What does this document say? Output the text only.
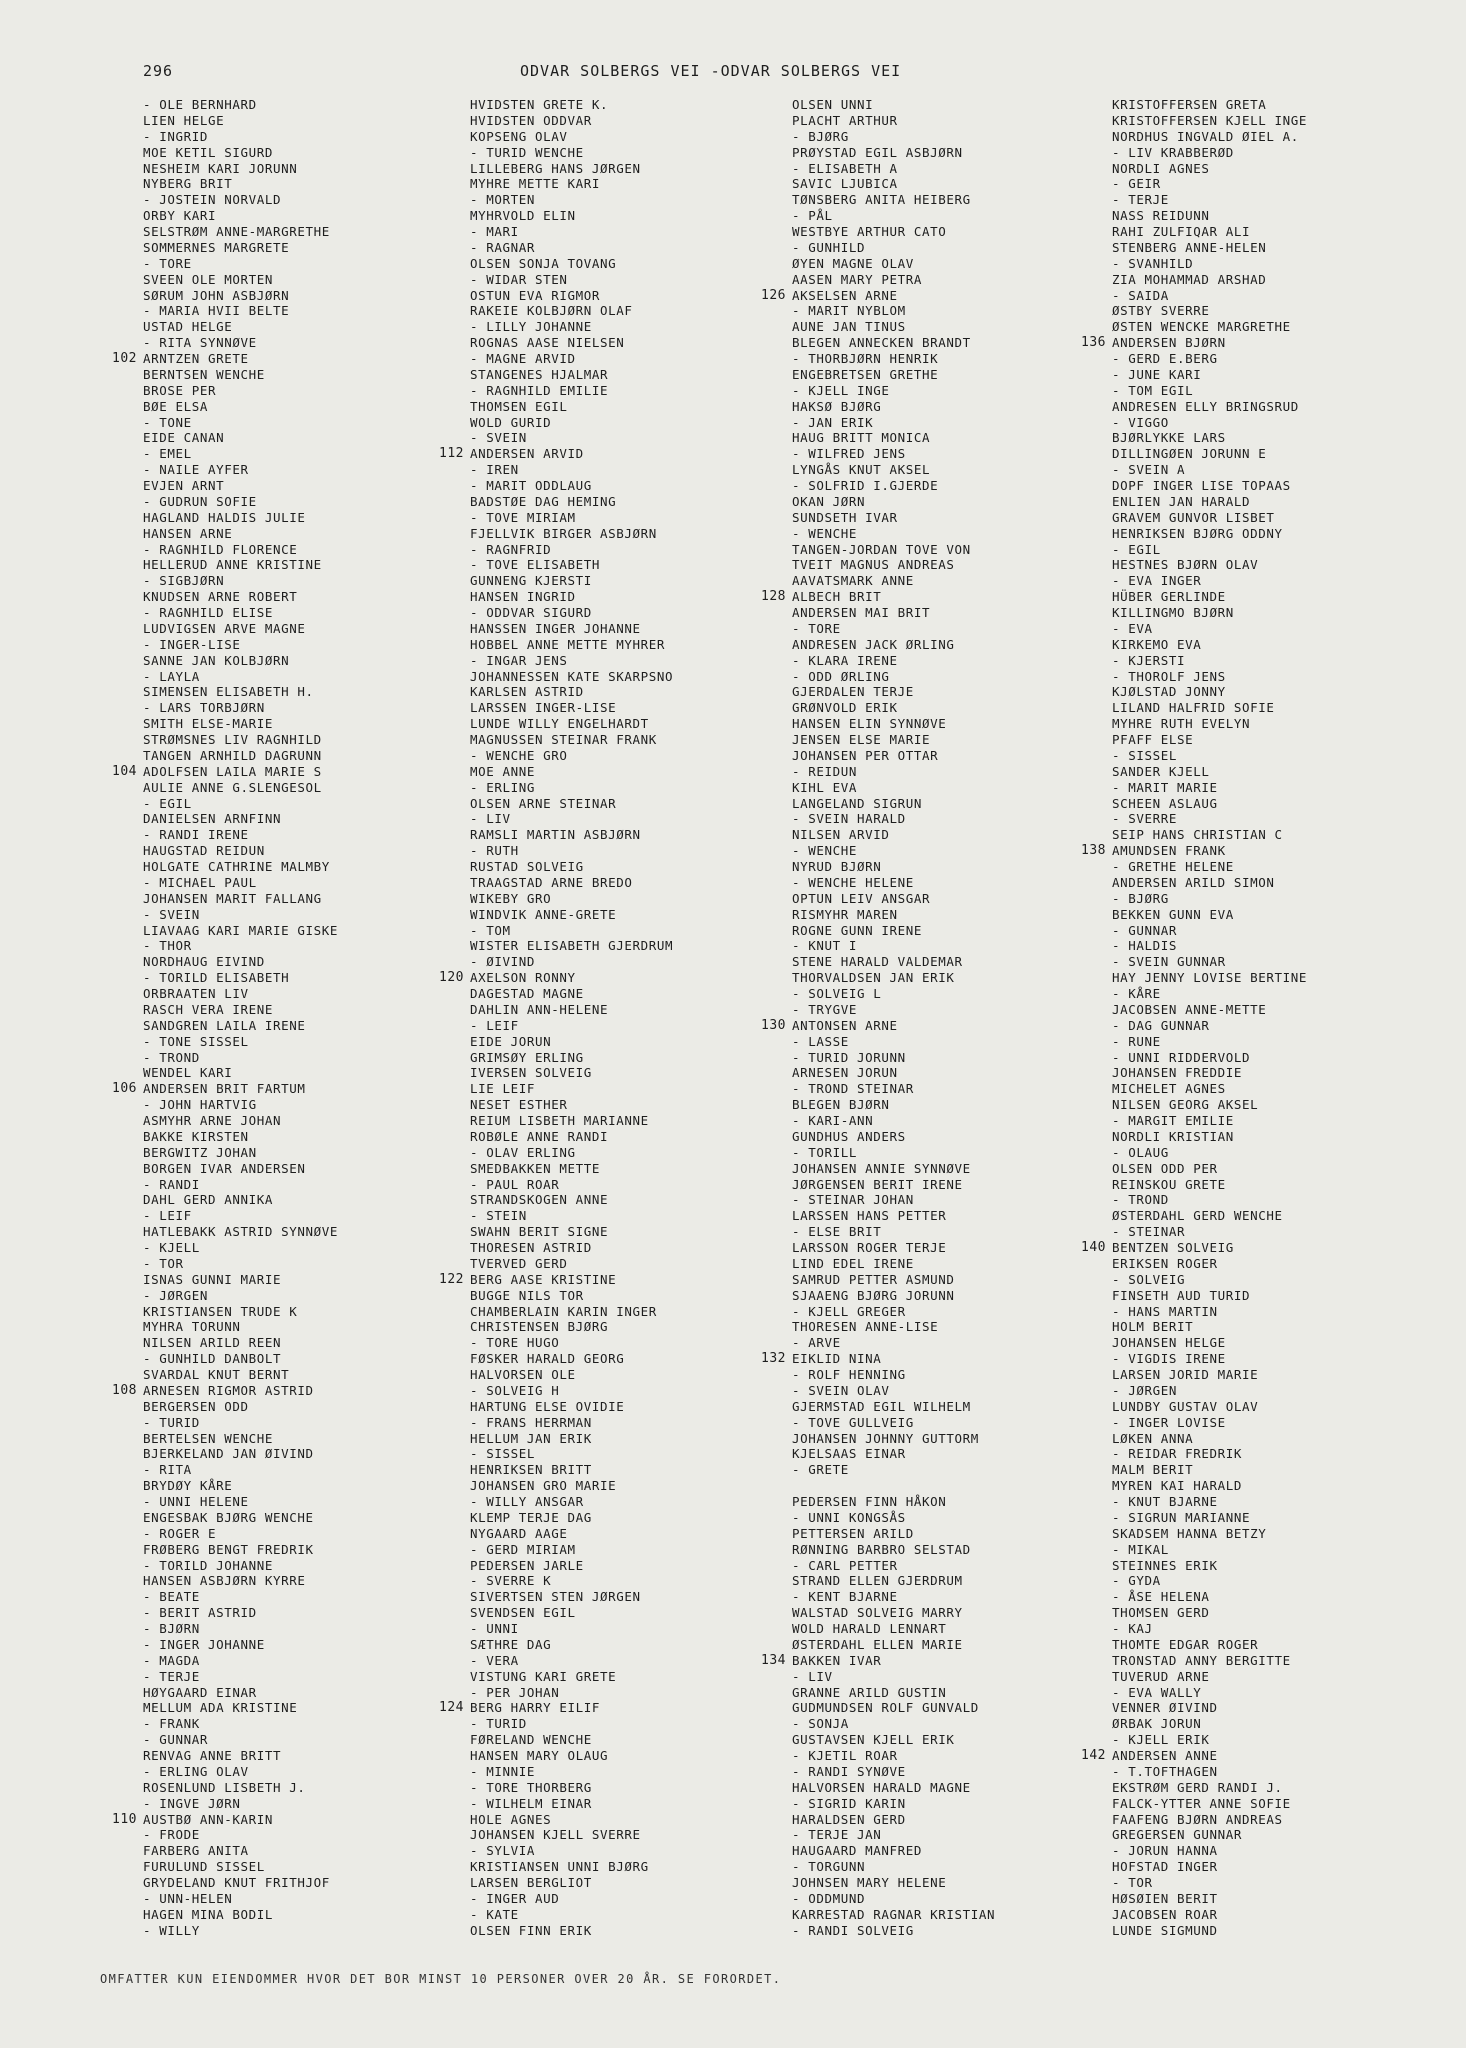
296	ODVAR SOLBERGS VEI -ODVAR SOLBERGS VEI
- OLE BERNHARD
LIEN HELGE
- INGRID
MOE KETIL SIGURD
NESHEIM KARI JORUNN
NYBERG BRIT
- JOSTEIN NORVALD
ORBY KARI
SELSTRØM ANNE-MARGRETHE
SOMMERNES MARGRETE
- TORE
SVEEN OLE MORTEN
SØRUM JOHN ASBJØRN
- MARIA HVII BELTE
USTAD HELGE
- RITA SYNNØVE
102 ARNTZEN GRETE
BERNTSEN WENCHE
BROSE PER
BØE ELSA
- TONE
EIDE CANAN
- EMEL
- NAILE AYFER
EVJEN ARNT
- GUDRUN SOFIE
HAGLAND HALDIS JULIE
HANSEN ARNE
- RAGNHILD FLORENCE
HELLERUD ANNE KRISTINE
- SIGBJØRN
KNUDSEN ARNE ROBERT
- RAGNHILD ELISE
LUDVIGSEN ARVE MAGNE
- INGER-LISE
SANNE JAN KOLBJØRN
- LAYLA
SIMENSEN ELISABETH H.
- LARS TORBJØRN
SMITH ELSE-MARIE
STRØMSNES LIV RAGNHILD
TANGEN ARNHILD DAGRUNN
104 ADOLFSEN LAILA MARIE S
AULIE ANNE G.SLENGESOL
- EGIL
DANIELSEN ARNFINN
- RANDI IRENE
HAUGSTAD REIDUN
HOLGATE CATHRINE MALMBY
- MICHAEL PAUL
JOHANSEN MARIT FALLANG
- SVEIN
LIAVAAG KARI MARIE GISKE
- THOR
NORDHAUG EIVIND
- TORILD ELISABETH
ORBRAATEN LIV
RASCH VERA IRENE
SANDGREN LAILA IRENE
- TONE SISSEL
- TROND
WENDEL KARI
106 ANDERSEN BRIT FARTUM
- JOHN HARTVIG
ASMYHR ARNE JOHAN
BAKKE KIRSTEN
BERGWITZ JOHAN
BORGEN IVAR ANDERSEN
- RANDI
DAHL GERD ANNIKA
- LEIF
HATLEBAKK ASTRID SYNNØVE
- KJELL
- TOR
ISNAS GUNNI MARIE
- JØRGEN
KRISTIANSEN TRUDE K
MYHRA TORUNN
NILSEN ARILD REEN
- GUNHILD DANBOLT
SVARDAL KNUT BERNT
108 ARNESEN RIGMOR ASTRID
BERGERSEN ODD
- TURID
BERTELSEN WENCHE
BJERKELAND JAN ØIVIND
- RITA
BRYDØY KÅRE
- UNNI HELENE
ENGESBAK BJØRG WENCHE
- ROGER E
FRØBERG BENGT FREDRIK
- TORILD JOHANNE
HANSEN ASBJØRN KYRRE
- BEATE
- BERIT ASTRID
- BJØRN
- INGER JOHANNE
- MAGDA
- TERJE
HØYGAARD EINAR
MELLUM ADA KRISTINE
- FRANK
- GUNNAR
RENVAG ANNE BRITT
- ERLING OLAV
ROSENLUND LISBETH J.
- INGVE JØRN
110 AUSTBØ ANN-KARIN
- FRODE
FARBERG ANITA
FURULUND SISSEL
GRYDELAND KNUT FRITHJOF
- UNN-HELEN
HAGEN MINA BODIL
- WILLY
HVIDSTEN GRETE K.
HVIDSTEN ODDVAR
KOPSENG OLAV
- TURID WENCHE
LILLEBERG HANS JØRGEN
MYHRE METTE KARI
- MORTEN
MYHRVOLD ELIN
- MARI
- RAGNAR
OLSEN SONJA TOVANG
- WIDAR STEN
OSTUN EVA RIGMOR
RAKEIE KOLBJØRN OLAF
- LILLY JOHANNE
ROGNAS AASE NIELSEN
- MAGNE ARVID
STANGENES HJALMAR
- RAGNHILD EMILIE
THOMSEN EGIL
WOLD GURID
- SVEIN
112 ANDERSEN ARVID
- IREN
- MARIT ODDLAUG
BADSTØE DAG HEMING
- TOVE MIRIAM
FJELLVIK BIRGER ASBJØRN
- RAGNFRID
- TOVE ELISABETH
GUNNENG KJERSTI
HANSEN INGRID
- ODDVAR SIGURD
HANSSEN INGER JOHANNE
HOBBEL ANNE METTE MYHRER
- INGAR JENS
JOHANNESSEN KATE SKARPSNO
KARLSEN ASTRID
LARSSEN INGER-LISE
LUNDE WILLY ENGELHARDT
MAGNUSSEN STEINAR FRANK
- WENCHE GRO
MOE ANNE
- ERLING
OLSEN ARNE STEINAR
- LIV
RAMSLI MARTIN ASBJØRN
- RUTH
RUSTAD SOLVEIG
TRAAGSTAD ARNE BREDO
WIKEBY GRO
WINDVIK ANNE-GRETE
- TOM
WISTER ELISABETH GJERDRUM
- ØIVIND
120 AXELSON RONNY
DAGESTAD MAGNE
DAHLIN ANN-HELENE
- LEIF
EIDE JORUN
GRIMSØY ERLING
IVERSEN SOLVEIG
LIE LEIF
NESET ESTHER
REIUM LISBETH MARIANNE
ROBØLE ANNE RANDI
- OLAV ERLING
SMEDBAKKEN METTE
- PAUL ROAR
STRANDSKOGEN ANNE
- STEIN
SWAHN BERIT SIGNE
THORESEN ASTRID
TVERVED GERD
122 BERG AASE KRISTINE
BUGGE NILS TOR
CHAMBERLAIN KARIN INGER
CHRISTENSEN BJØRG
- TORE HUGO
FØSKER HARALD GEORG
HALVORSEN OLE
- SOLVEIG H
HARTUNG ELSE OVIDIE
- FRANS HERRMAN
HELLUM JAN ERIK
- SISSEL
HENRIKSEN BRITT
JOHANSEN GRO MARIE
- WILLY ANSGAR
KLEMP TERJE DAG
NYGAARD AAGE
- GERD MIRIAM
PEDERSEN JARLE
- SVERRE K
SIVERTSEN STEN JØRGEN
SVENDSEN EGIL
- UNNI
SÆTHRE DAG
- VERA
VISTUNG KARI GRETE
- PER JOHAN
124 BERG HARRY EILIF
- TURID
FØRELAND WENCHE
HANSEN MARY OLAUG
- MINNIE
- TORE THORBERG
- WILHELM EINAR
HOLE AGNES
JOHANSEN KJELL SVERRE
- SYLVIA
KRISTIANSEN UNNI BJØRG
LARSEN BERGLIOT
- INGER AUD
- KATE
OLSEN FINN ERIK
OLSEN UNNI
PLACHT ARTHUR
- BJØRG
PRØYSTAD EGIL ASBJØRN
- ELISABETH A
SAVIC LJUBICA
TØNSBERG ANITA HEIBERG
- PÅL
WESTBYE ARTHUR CATO
- GUNHILD
ØYEN MAGNE OLAV
AASEN MARY PETRA
126 AKSELSEN ARNE
- MARIT NYBLOM
AUNE JAN TINUS
BLEGEN ANNECKEN BRANDT
- THORBJØRN HENRIK
ENGEBRETSEN GRETHE
- KJELL INGE
HAKSØ BJØRG
- JAN ERIK
HAUG BRITT MONICA
- WILFRED JENS
LYNGÅS KNUT AKSEL
- SOLFRID I.GJERDE
OKAN JØRN
SUNDSETH IVAR
- WENCHE
TANGEN-JORDAN TOVE VON
TVEIT MAGNUS ANDREAS
AAVATSMARK ANNE
128 ALBECH BRIT
ANDERSEN MAI BRIT
- TORE
ANDRESEN JACK ØRLING
- KLARA IRENE
- ODD ØRLING
GJERDALEN TERJE
GRØNVOLD ERIK
HANSEN ELIN SYNNØVE
JENSEN ELSE MARIE
JOHANSEN PER OTTAR
- REIDUN
KIHL EVA
LANGELAND SIGRUN
- SVEIN HARALD
NILSEN ARVID
- WENCHE
NYRUD BJØRN
- WENCHE HELENE
OPTUN LEIV ANSGAR
RISMYHR MAREN
ROGNE GUNN IRENE
- KNUT I
STENE HARALD VALDEMAR
THORVALDSEN JAN ERIK
- SOLVEIG L
- TRYGVE
130 ANTONSEN ARNE
- LASSE
- TURID JORUNN
ARNESEN JORUN
- TROND STEINAR
BLEGEN BJØRN
- KARI-ANN
GUNDHUS ANDERS
- TORILL
JOHANSEN ANNIE SYNNØVE
JØRGENSEN BERIT IRENE
- STEINAR JOHAN
LARSSEN HANS PETTER
- ELSE BRIT
LARSSON ROGER TERJE
LIND EDEL IRENE
SAMRUD PETTER ASMUND
SJAAENG BJØRG JORUNN
- KJELL GREGER
THORESEN ANNE-LISE
- ARVE
132 EIKLID NINA
- ROLF HENNING
- SVEIN OLAV
GJERMSTAD EGIL WILHELM
- TOVE GULLVEIG
JOHANSEN JOHNNY GUTTORM
KJELSAAS EINAR
- GRETE
PEDERSEN FINN HÅKON
- UNNI KONGSÅS
PETTERSEN ARILD
RØNNING BARBRO SELSTAD
- CARL PETTER
STRAND ELLEN GJERDRUM
- KENT BJARNE
WALSTAD SOLVEIG MARRY
WOLD HARALD LENNART
ØSTERDAHL ELLEN MARIE
134 BAKKEN IVAR
- LIV
GRANNE ARILD GUSTIN
GUDMUNDSEN ROLF GUNVALD
- SONJA
GUSTAVSEN KJELL ERIK
- KJETIL ROAR
- RANDI SYNØVE
HALVORSEN HARALD MAGNE
- SIGRID KARIN
HARALDSEN GERD
- TERJE JAN
HAUGAARD MANFRED
- TORGUNN
JOHNSEN MARY HELENE
- ODDMUND
KARRESTAD RAGNAR KRISTIAN
- RANDI SOLVEIG
KRISTOFFERSEN GRETA
KRISTOFFERSEN KJELL INGE
NORDHUS INGVALD ØIEL A.
- LIV KRABBERØD
NORDLI AGNES
- GEIR
- TERJE
NASS REIDUNN
RAHI ZULFIQAR ALI
STENBERG ANNE-HELEN
- SVANHILD
ZIA MOHAMMAD ARSHAD
- SAIDA
ØSTBY SVERRE
ØSTEN WENCKE MARGRETHE
136 ANDERSEN BJØRN
- GERD E.BERG
- JUNE KARI
- TOM EGIL
ANDRESEN ELLY BRINGSRUD
- VIGGO
BJØRLYKKE LARS
DILLINGØEN JORUNN E
- SVEIN A
DOPF INGER LISE TOPAAS
ENLIEN JAN HARALD
GRAVEM GUNVOR LISBET
HENRIKSEN BJØRG ODDNY
- EGIL
HESTNES BJØRN OLAV
- EVA INGER
HÜBER GERLINDE
KILLINGMO BJØRN
- EVA
KIRKEMO EVA
- KJERSTI
- THOROLF JENS
KJØLSTAD JONNY
LILAND HALFRID SOFIE
MYHRE RUTH EVELYN
PFAFF ELSE
- SISSEL
SANDER KJELL
- MARIT MARIE
SCHEEN ASLAUG
- SVERRE
SEIP HANS CHRISTIAN C
138 AMUNDSEN FRANK
- GRETHE HELENE
ANDERSEN ARILD SIMON
- BJØRG
BEKKEN GUNN EVA
- GUNNAR
- HALDIS
- SVEIN GUNNAR
HAY JENNY LOVISE BERTINE
- KÅRE
JACOBSEN ANNE-METTE
- DAG GUNNAR
- RUNE
- UNNI RIDDERVOLD
JOHANSEN FREDDIE
MICHELET AGNES
NILSEN GEORG AKSEL
- MARGIT EMILIE
NORDLI KRISTIAN
- OLAUG
OLSEN ODD PER
REINSKOU GRETE
- TROND
ØSTERDAHL GERD WENCHE
- STEINAR
140 BENTZEN SOLVEIG
ERIKSEN ROGER
- SOLVEIG
FINSETH AUD TURID
- HANS MARTIN
HOLM BERIT
JOHANSEN HELGE
- VIGDIS IRENE
LARSEN JORID MARIE
- JØRGEN
LUNDBY GUSTAV OLAV
- INGER LOVISE
LØKEN ANNA
- REIDAR FREDRIK
MALM BERIT
MYREN KAI HARALD
- KNUT BJARNE
- SIGRUN MARIANNE
SKADSEM HANNA BETZY
- MIKAL
STEINNES ERIK
- GYDA
- ÅSE HELENA
THOMSEN GERD
- KAJ
THOMTE EDGAR ROGER
TRONSTAD ANNY BERGITTE
TUVERUD ARNE
- EVA WALLY
VENNER ØIVIND
ØRBAK JORUN
- KJELL ERIK
142 ANDERSEN ANNE
- T.TOFTHAGEN
EKSTRØM GERD RANDI J.
FALCK-YTTER ANNE SOFIE
FAAFENG BJØRN ANDREAS
GREGERSEN GUNNAR
- JORUN HANNA
HOFSTAD INGER
- TOR
HØSØIEN BERIT
JACOBSEN ROAR
LUNDE SIGMUND
OMFATTER KUN EIENDOMMER HVOR DET BOR MINST 10 PERSONER OVER 20 ÅR. SE FORORDET.
